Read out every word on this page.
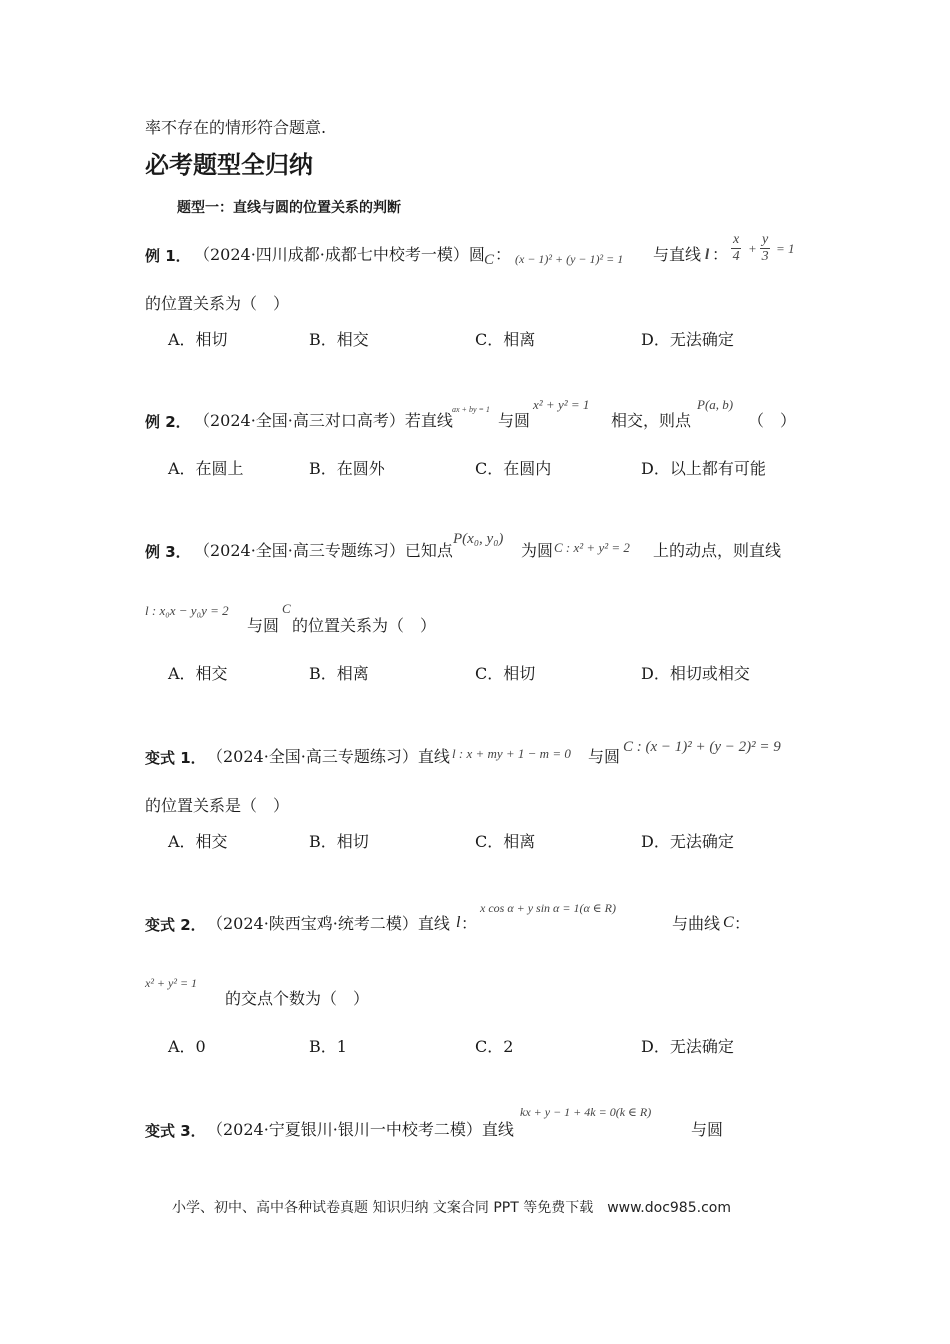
率不存在的情形符合题意.
必考题型全归纳
题型一：直线与圆的位置关系的判断
例 1． （2024·四川成都·成都七中校考一模）圆 C ： (x − 1)² + (y − 1)² = 1 与直线 l ： $\frac{x}{4} + \frac{y}{3} = 1$
的位置关系为（　）
A．相切	B．相交	C．相离	D．无法确定
例 2． （2024·全国·高三对口高考）若直线
ax + by = 1
与圆
x² + y² = 1
相交，则点
P(a, b)
（　）
A．在圆上	B．在圆外	C．在圆内	D．以上都有可能
例 3． （2024·全国·高三专题练习）已知点
P(x₀, y₀)
为圆 C : x² + y² = 2 上的动点，则直线
l : x₀x − y₀y = 2
与圆
C
的位置关系为（　）
A．相交	B．相离	C．相切	D．相切或相交
变式 1． （2024·全国·高三专题练习）直线 l : x + my + 1 − m = 0 与圆 C : (x − 1)² + (y − 2)² = 9
的位置关系是（　）
A．相交	B．相切	C．相离	D．无法确定
变式 2． （2024·陕西宝鸡·统考二模）直线 l ：
x cos α + y sin α = 1(α ∈ R)
与曲线 C ：
x² + y² = 1
的交点个数为（　）
A．0	B．1	C．2	D．无法确定
变式 3． （2024·宁夏银川·银川一中校考二模）直线
kx + y − 1 + 4k = 0(k ∈ R)
与圆
小学、初中、高中各种试卷真题 知识归纳 文案合同 PPT 等免费下载　www.doc985.com
